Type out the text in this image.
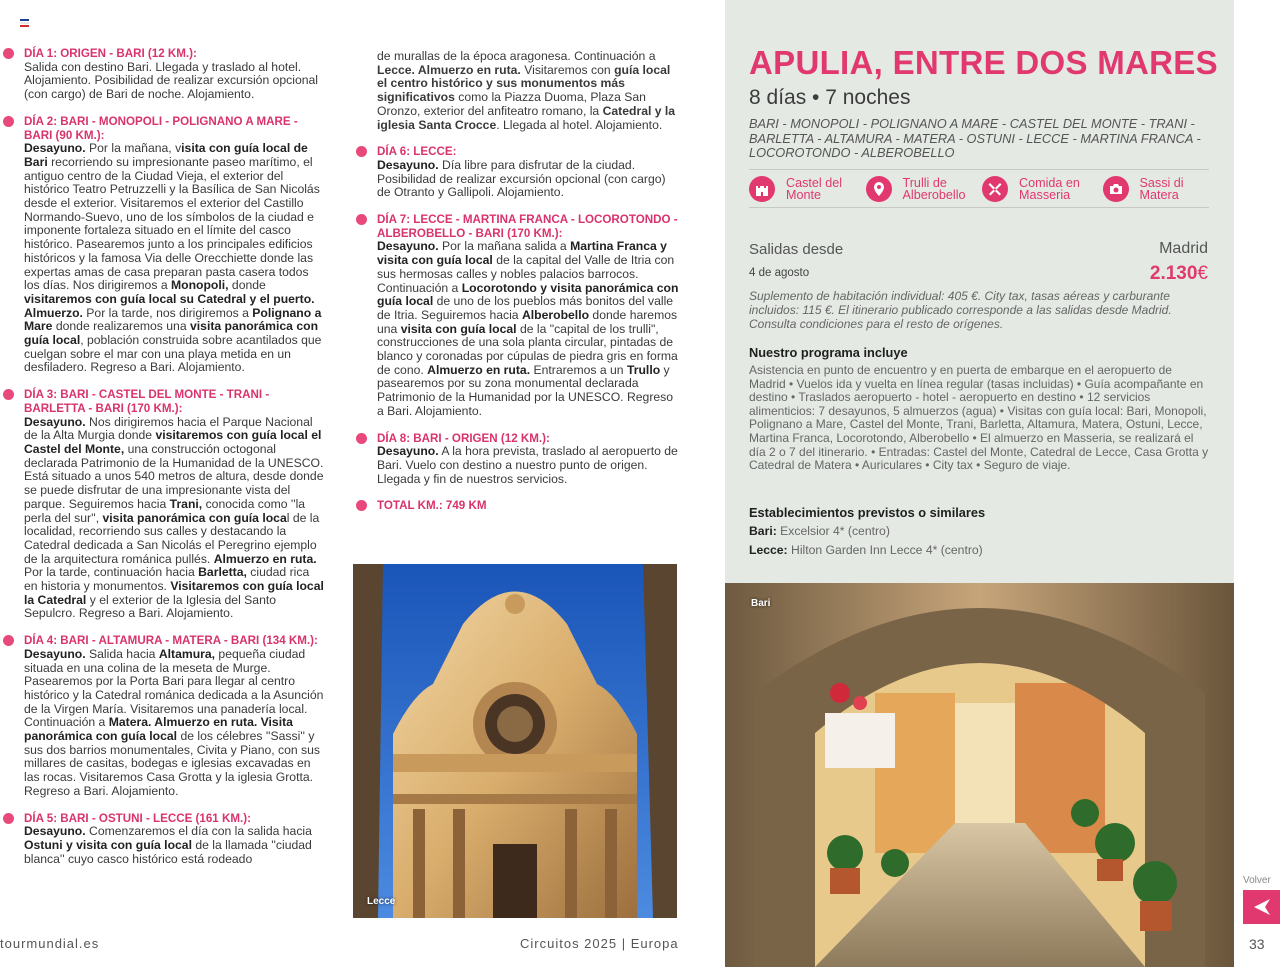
DÍA 1: ORIGEN - BARI (12 KM.):
Salida con destino Bari. Llegada y traslado al hotel. Alojamiento. Posibilidad de realizar excursión opcional (con cargo) de Bari de noche. Alojamiento.
DÍA 2: BARI - MONOPOLI - POLIGNANO A MARE - BARI (90 KM.):
Desayuno. Por la mañana, visita con guía local de Bari recorriendo su impresionante paseo marítimo, el antiguo centro de la Ciudad Vieja, el exterior del histórico Teatro Petruzzelli y la Basílica de San Nicolás desde el exterior. Visitaremos el exterior del Castillo Normando-Suevo, uno de los símbolos de la ciudad e imponente fortaleza situado en el límite del casco histórico. Pasearemos junto a los principales edificios históricos y la famosa Via delle Orecchiette donde las expertas amas de casa preparan pasta casera todos los días. Nos dirigiremos a Monopoli, donde visitaremos con guía local su Catedral y el puerto. Almuerzo. Por la tarde, nos dirigiremos a Polignano a Mare donde realizaremos una visita panorámica con guía local, población construida sobre acantilados que cuelgan sobre el mar con una playa metida en un desfiladero. Regreso a Bari. Alojamiento.
DÍA 3: BARI - CASTEL DEL MONTE - TRANI - BARLETTA - BARI (170 KM.):
Desayuno. Nos dirigiremos hacia el Parque Nacional de la Alta Murgia donde visitaremos con guía local el Castel del Monte, una construcción octogonal declarada Patrimonio de la Humanidad de la UNESCO. Está situado a unos 540 metros de altura, desde donde se puede disfrutar de una impresionante vista del parque. Seguiremos hacia Trani, conocida como ''la perla del sur'', visita panorámica con guía local de la localidad, recorriendo sus calles y destacando la Catedral dedicada a San Nicolás el Peregrino ejemplo de la arquitectura románica pullés. Almuerzo en ruta. Por la tarde, continuación hacia Barletta, ciudad rica en historia y monumentos. Visitaremos con guía local la Catedral y el exterior de la Iglesia del Santo Sepulcro. Regreso a Bari. Alojamiento.
DÍA 4: BARI - ALTAMURA - MATERA - BARI (134 KM.):
Desayuno. Salida hacia Altamura, pequeña ciudad situada en una colina de la meseta de Murge. Pasearemos por la Porta Bari para llegar al centro histórico y la Catedral románica dedicada a la Asunción de la Virgen María. Visitaremos una panadería local. Continuación a Matera. Almuerzo en ruta. Visita panorámica con guía local de los célebres ''Sassi'' y sus dos barrios monumentales, Civita y Piano, con sus millares de casitas, bodegas e iglesias excavadas en las rocas. Visitaremos Casa Grotta y la iglesia Grotta. Regreso a Bari. Alojamiento.
DÍA 5: BARI - OSTUNI - LECCE (161 KM.):
Desayuno. Comenzaremos el día con la salida hacia Ostuni y visita con guía local de la llamada ''ciudad blanca'' cuyo casco histórico está rodeado
de murallas de la época aragonesa. Continuación a Lecce. Almuerzo en ruta. Visitaremos con guía local el centro histórico y sus monumentos más significativos como la Piazza Duoma, Plaza San Oronzo, exterior del anfiteatro romano, la Catedral y la iglesia Santa Crocce. Llegada al hotel. Alojamiento.
DÍA 6: LECCE:
Desayuno. Día libre para disfrutar de la ciudad. Posibilidad de realizar excursión opcional (con cargo) de Otranto y Gallipoli. Alojamiento.
DÍA 7: LECCE - MARTINA FRANCA - LOCOROTONDO - ALBEROBELLO - BARI (170 KM.):
Desayuno. Por la mañana salida a Martina Franca y visita con guía local de la capital del Valle de Itria con sus hermosas calles y nobles palacios barrocos. Continuación a Locorotondo y visita panorámica con guía local de uno de los pueblos más bonitos del valle de Itria. Seguiremos hacia Alberobello donde haremos una visita con guía local de la "capital de los trulli", construcciones de una sola planta circular, pintadas de blanco y coronadas por cúpulas de piedra gris en forma de cono. Almuerzo en ruta. Entraremos a un Trullo y pasearemos por su zona monumental declarada Patrimonio de la Humanidad por la UNESCO. Regreso a Bari. Alojamiento.
DÍA 8: BARI - ORIGEN (12 KM.):
Desayuno. A la hora prevista, traslado al aeropuerto de Bari. Vuelo con destino a nuestro punto de origen. Llegada y fin de nuestros servicios.
TOTAL KM.: 749 KM
Lecce
tourmundial.es	Circuitos 2025 | Europa
APULIA, ENTRE DOS MARES
8 días • 7 noches
BARI - MONOPOLI - POLIGNANO A MARE - CASTEL DEL MONTE - TRANI - BARLETTA - ALTAMURA - MATERA - OSTUNI - LECCE - MARTINA FRANCA - LOCOROTONDO - ALBEROBELLO
Castel del Monte
Trulli de Alberobello
Comida en Masseria
Sassi di Matera
Salidas desde	Madrid
4 de agosto	2.130€
Suplemento de habitación individual: 405 €. City tax, tasas aéreas y carburante incluidos: 115 €. El itinerario publicado corresponde a las salidas desde Madrid. Consulta condiciones para el resto de orígenes.
Nuestro programa incluye
Asistencia en punto de encuentro y en puerta de embarque en el aeropuerto de Madrid • Vuelos ida y vuelta en línea regular (tasas incluidas) • Guía acompañante en destino • Traslados aeropuerto - hotel - aeropuerto en destino • 12 servicios alimenticios: 7 desayunos, 5 almuerzos (agua) • Visitas con guía local: Bari, Monopoli, Polignano a Mare, Castel del Monte, Trani, Barletta, Altamura, Matera, Ostuni, Lecce, Martina Franca, Locorotondo, Alberobello • El almuerzo en Masseria, se realizará el día 2 o 7 del itinerario. • Entradas: Castel del Monte, Catedral de Lecce, Casa Grotta y Catedral de Matera • Auriculares • City tax • Seguro de viaje.
Establecimientos previstos o similares
Bari: Excelsior 4* (centro)
Lecce: Hilton Garden Inn Lecce 4* (centro)
Bari
Volver
33
